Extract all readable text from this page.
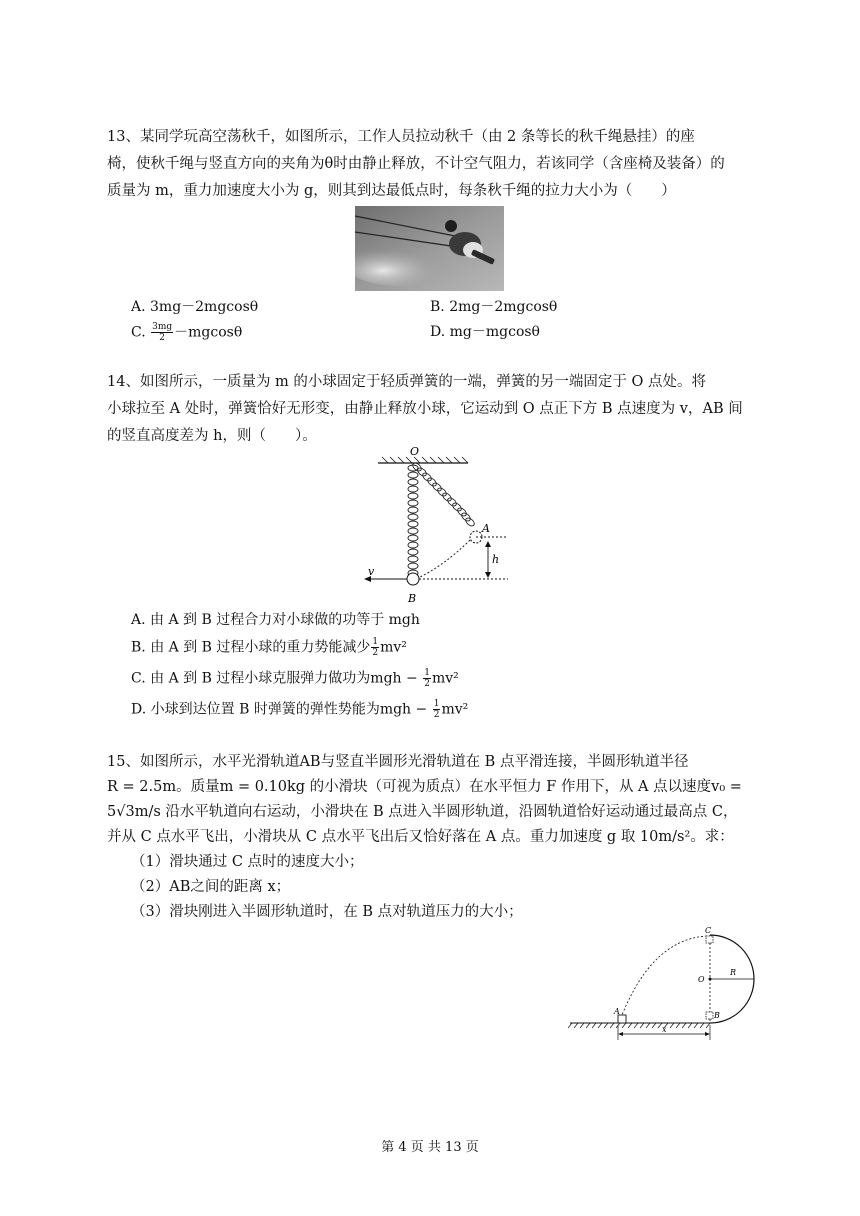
13、某同学玩高空荡秋千，如图所示，工作人员拉动秋千（由 2 条等长的秋千绳悬挂）的座
椅，使秋千绳与竖直方向的夹角为θ时由静止释放，不计空气阻力，若该同学（含座椅及装备）的
质量为 m，重力加速度大小为 g，则其到达最低点时，每条秋千绳的拉力大小为（　　）
A. 3mg－2mgcosθ	B. 2mg－2mgcosθ
C. $\frac{3mg}{2} -mgcos\theta$	D. mg－mgcosθ
14、如图所示，一质量为 m 的小球固定于轻质弹簧的一端，弹簧的另一端固定于 O 点处。将
小球拉至 A 处时，弹簧恰好无形变，由静止释放小球，它运动到 O 点正下方 B 点速度为 v，AB 间
的竖直高度差为 h，则（　　）。
O
A
h
v
B
A. 由 A 到 B 过程合力对小球做的功等于 mgh
B. 由 A 到 B 过程小球的重力势能减少 $\frac{1}{2} mv^2$
C. 由 A 到 B 过程小球克服弹力做功为mgh − $\frac{1}{2} mv^2$
D. 小球到达位置 B 时弹簧的弹性势能为mgh − $\frac{1}{2} mv^2$
15、如图所示，水平光滑轨道AB与竖直半圆形光滑轨道在 B 点平滑连接，半圆形轨道半径
R = 2.5m。质量m = 0.10kg 的小滑块（可视为质点）在水平恒力 F 作用下，从 A 点以速度v₀ =
5√3m/s 沿水平轨道向右运动，小滑块在 B 点进入半圆形轨道，沿圆轨道恰好运动通过最高点 C，
并从 C 点水平飞出，小滑块从 C 点水平飞出后又恰好落在 A 点。重力加速度 g 取 10m/s²。求：
（1）滑块通过 C 点时的速度大小；
（2）AB之间的距离 x；
（3）滑块刚进入半圆形轨道时，在 B 点对轨道压力的大小；
C
O
R
A	B
x
第 4 页 共 13 页
